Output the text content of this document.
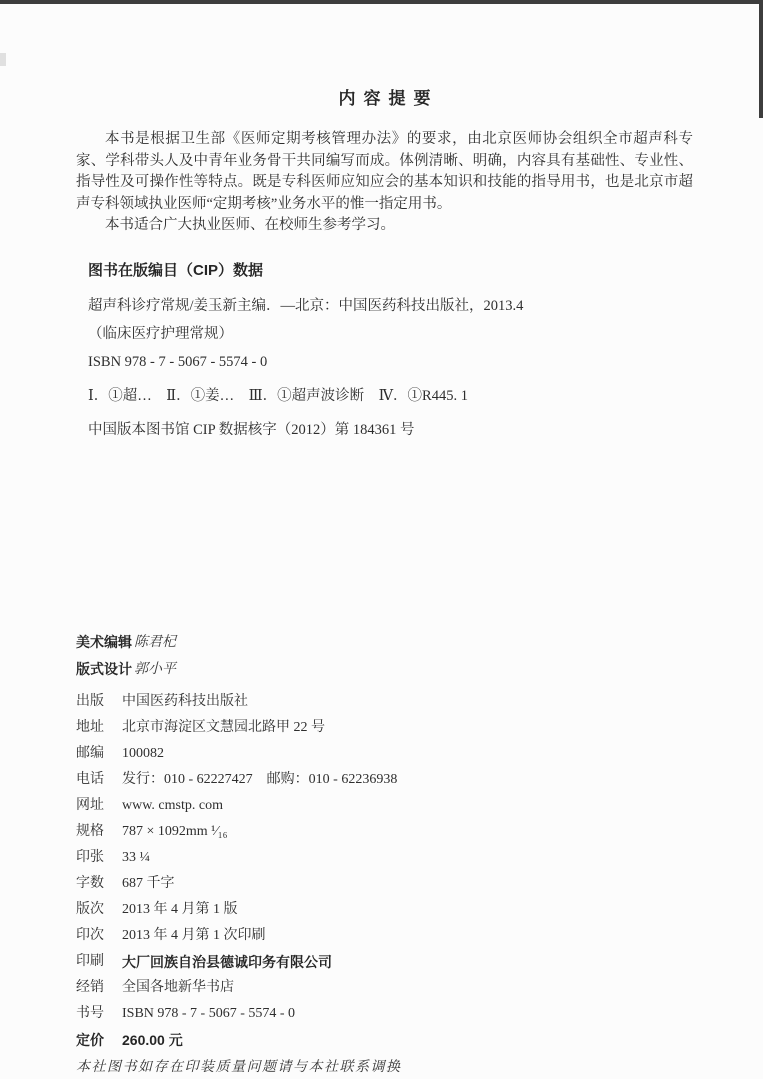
内容提要

本书是根据卫生部《医师定期考核管理办法》的要求，由北京医师协会组织全市超声科专家、学科带头人及中青年业务骨干共同编写而成。体例清晰、明确，内容具有基础性、专业性、指导性及可操作性等特点。既是专科医师应知应会的基本知识和技能的指导用书，也是北京市超声专科领域执业医师“定期考核”业务水平的惟一指定用书。

本书适合广大执业医师、在校师生参考学习。

图书在版编目（CIP）数据
超声科诊疗常规/姜玉新主编．—北京：中国医药科技出版社，2013.4
（临床医疗护理常规）
ISBN 978 - 7 - 5067 - 5574 - 0
Ⅰ．①超…　Ⅱ．①姜…　Ⅲ．①超声波诊断　Ⅳ．①R445. 1
中国版本图书馆 CIP 数据核字（2012）第 184361 号
美术编辑 陈君杞
版式设计 郭小平
出版	中国医药科技出版社
地址	北京市海淀区文慧园北路甲 22 号
邮编	100082
电话	发行：010 - 62227427　邮购：010 - 62236938
网址	www. cmstp. com
规格	787 × 1092mm ¹⁄₁₆
印张	33 ¼
字数	687 千字
版次	2013 年 4 月第 1 版
印次	2013 年 4 月第 1 次印刷
印刷	大厂回族自治县德诚印务有限公司
经销	全国各地新华书店
书号	ISBN 978 - 7 - 5067 - 5574 - 0
定价	260.00 元
本社图书如存在印装质量问题请与本社联系调换
